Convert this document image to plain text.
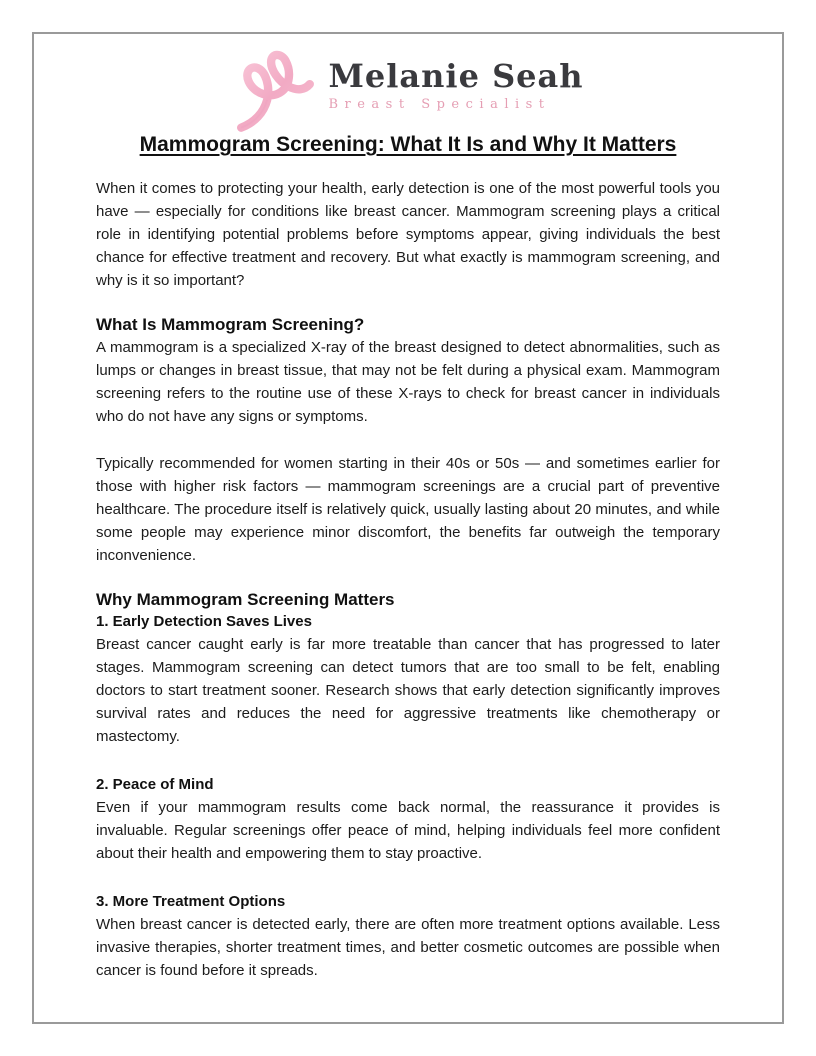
Melanie Seah
Breast Specialist
Mammogram Screening: What It Is and Why It Matters

When it comes to protecting your health, early detection is one of the most powerful tools you have — especially for conditions like breast cancer. Mammogram screening plays a critical role in identifying potential problems before symptoms appear, giving individuals the best chance for effective treatment and recovery. But what exactly is mammogram screening, and why is it so important?

What Is Mammogram Screening?

A mammogram is a specialized X-ray of the breast designed to detect abnormalities, such as lumps or changes in breast tissue, that may not be felt during a physical exam. Mammogram screening refers to the routine use of these X-rays to check for breast cancer in individuals who do not have any signs or symptoms.

Typically recommended for women starting in their 40s or 50s — and sometimes earlier for those with higher risk factors — mammogram screenings are a crucial part of preventive healthcare. The procedure itself is relatively quick, usually lasting about 20 minutes, and while some people may experience minor discomfort, the benefits far outweigh the temporary inconvenience.

Why Mammogram Screening Matters
1. Early Detection Saves Lives

Breast cancer caught early is far more treatable than cancer that has progressed to later stages. Mammogram screening can detect tumors that are too small to be felt, enabling doctors to start treatment sooner. Research shows that early detection significantly improves survival rates and reduces the need for aggressive treatments like chemotherapy or mastectomy.

2. Peace of Mind

Even if your mammogram results come back normal, the reassurance it provides is invaluable. Regular screenings offer peace of mind, helping individuals feel more confident about their health and empowering them to stay proactive.

3. More Treatment Options

When breast cancer is detected early, there are often more treatment options available. Less invasive therapies, shorter treatment times, and better cosmetic outcomes are possible when cancer is found before it spreads.
